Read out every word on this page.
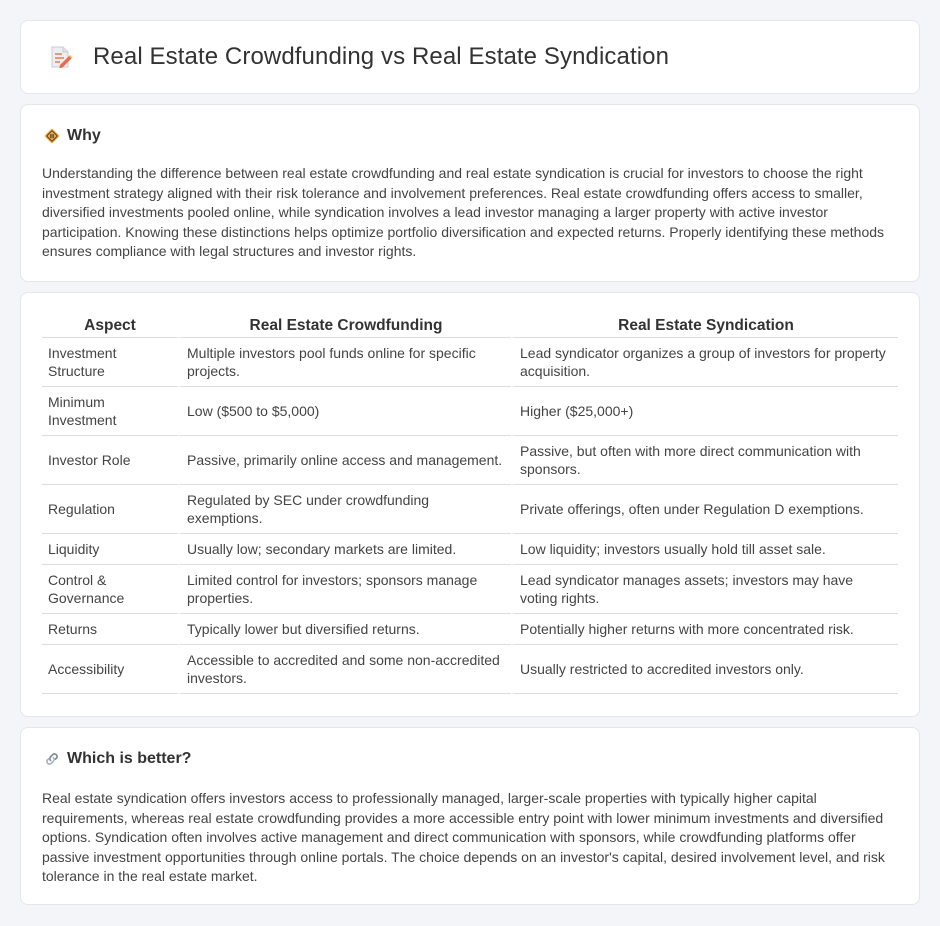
Real Estate Crowdfunding vs Real Estate Syndication
Why

Understanding the difference between real estate crowdfunding and real estate syndication is crucial for investors to choose the right investment strategy aligned with their risk tolerance and involvement preferences. Real estate crowdfunding offers access to smaller, diversified investments pooled online, while syndication involves a lead investor managing a larger property with active investor participation. Knowing these distinctions helps optimize portfolio diversification and expected returns. Properly identifying these methods ensures compliance with legal structures and investor rights.

Aspect	Real Estate Crowdfunding	Real Estate Syndication
Investment Structure	Multiple investors pool funds online for specific projects.	Lead syndicator organizes a group of investors for property acquisition.
Minimum Investment	Low ($500 to $5,000)	Higher ($25,000+)
Investor Role	Passive, primarily online access and management.	Passive, but often with more direct communication with sponsors.
Regulation	Regulated by SEC under crowdfunding exemptions.	Private offerings, often under Regulation D exemptions.
Liquidity	Usually low; secondary markets are limited.	Low liquidity; investors usually hold till asset sale.
Control & Governance	Limited control for investors; sponsors manage properties.	Lead syndicator manages assets; investors may have voting rights.
Returns	Typically lower but diversified returns.	Potentially higher returns with more concentrated risk.
Accessibility	Accessible to accredited and some non-accredited investors.	Usually restricted to accredited investors only.
Which is better?

Real estate syndication offers investors access to professionally managed, larger-scale properties with typically higher capital requirements, whereas real estate crowdfunding provides a more accessible entry point with lower minimum investments and diversified options. Syndication often involves active management and direct communication with sponsors, while crowdfunding platforms offer passive investment opportunities through online portals. The choice depends on an investor's capital, desired involvement level, and risk tolerance in the real estate market.
